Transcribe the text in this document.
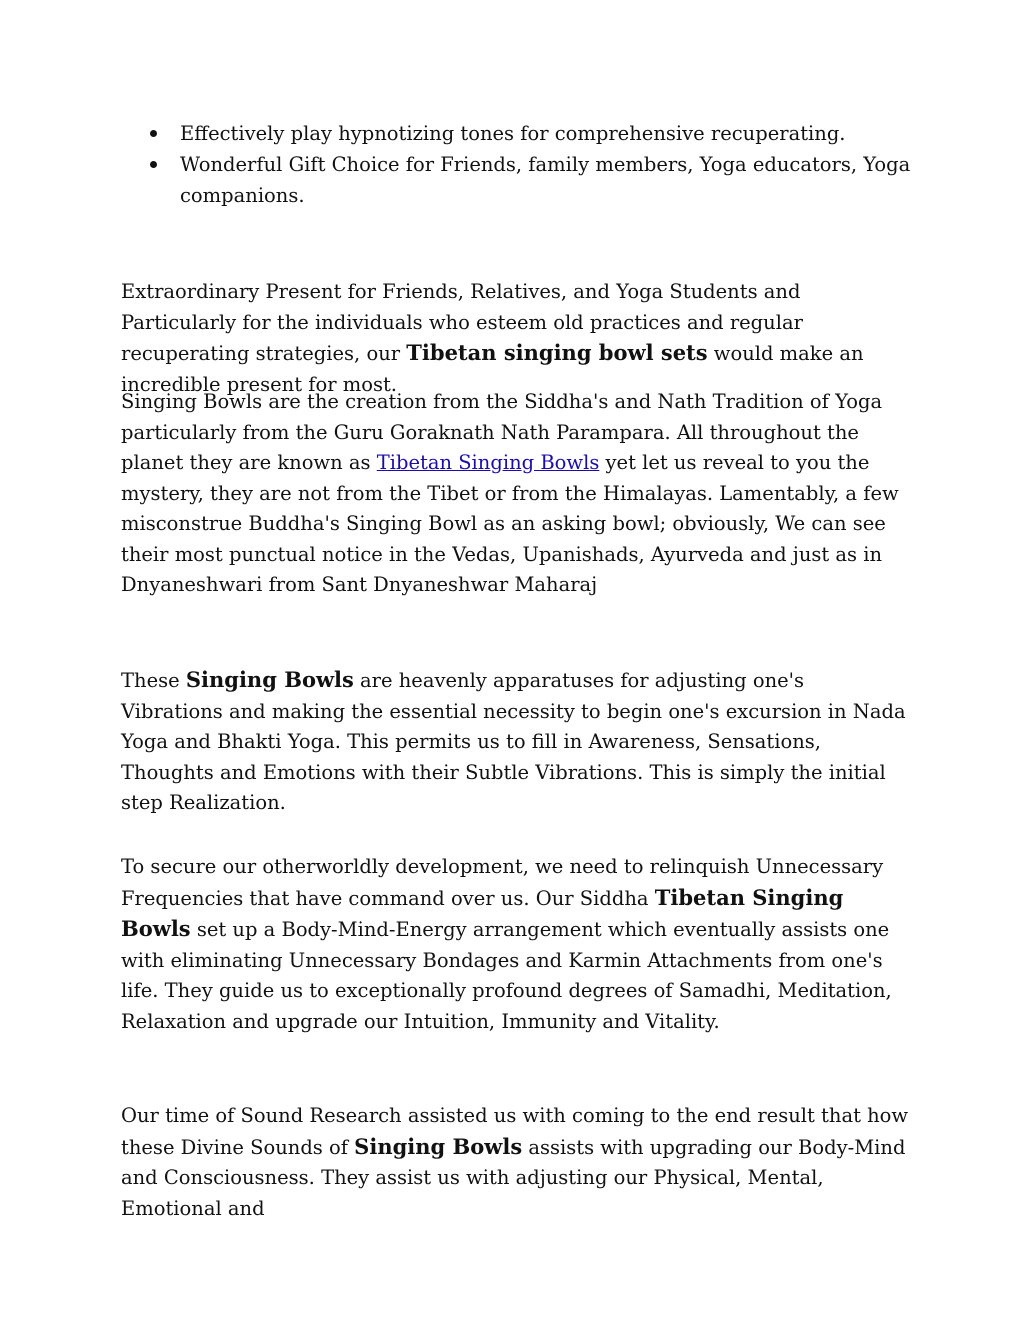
Effectively play hypnotizing tones for comprehensive recuperating.
Wonderful Gift Choice for Friends, family members, Yoga educators, Yoga companions.

Extraordinary Present for Friends, Relatives, and Yoga Students and Particularly for the individuals who esteem old practices and regular recuperating strategies, our Tibetan singing bowl sets would make an incredible present for most.

Singing Bowls are the creation from the Siddha's and Nath Tradition of Yoga particularly from the Guru Goraknath Nath Parampara. All throughout the planet they are known as Tibetan Singing Bowls yet let us reveal to you the mystery, they are not from the Tibet or from the Himalayas. Lamentably, a few misconstrue Buddha's Singing Bowl as an asking bowl; obviously, We can see their most punctual notice in the Vedas, Upanishads, Ayurveda and just as in Dnyaneshwari from Sant Dnyaneshwar Maharaj

These Singing Bowls are heavenly apparatuses for adjusting one's Vibrations and making the essential necessity to begin one's excursion in Nada Yoga and Bhakti Yoga. This permits us to fill in Awareness, Sensations, Thoughts and Emotions with their Subtle Vibrations. This is simply the initial step Realization.

To secure our otherworldly development, we need to relinquish Unnecessary Frequencies that have command over us. Our Siddha Tibetan Singing Bowls set up a Body-Mind-Energy arrangement which eventually assists one with eliminating Unnecessary Bondages and Karmin Attachments from one's life. They guide us to exceptionally profound degrees of Samadhi, Meditation, Relaxation and upgrade our Intuition, Immunity and Vitality.

Our time of Sound Research assisted us with coming to the end result that how these Divine Sounds of Singing Bowls assists with upgrading our Body-Mind and Consciousness. They assist us with adjusting our Physical, Mental, Emotional and
